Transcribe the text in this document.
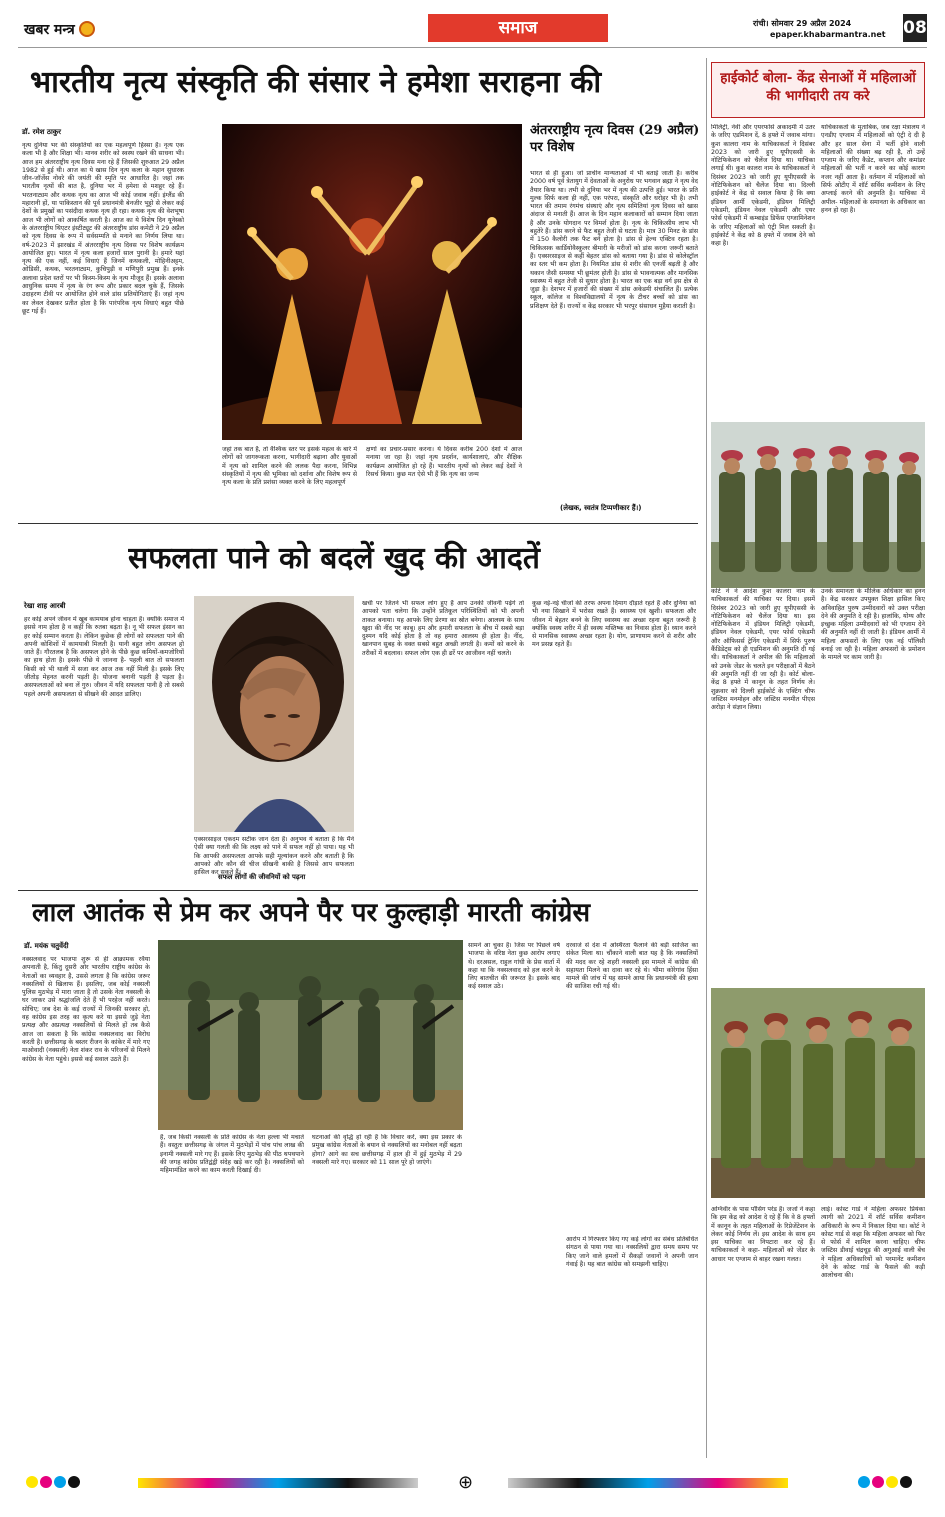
खबर मन्त्र	समाज	रांची। सोमवार 29 अप्रैल 2024
epaper.khabarmantra.net 08
भारतीय नृत्य संस्कृति की संसार ने हमेशा सराहना की
डॉ. रमेश ठाकुर	अंतरराष्ट्रीय नृत्य दिवस (29 अप्रैल) पर विशेष
नृत्य दुनिया भर की संस्कृतियों का एक महत्वपूर्ण हिस्सा है। नृत्य एक कला भी है और शिक्षा भी। मानव शरीर को स्वस्थ रखने की साधना भी। आज हम अंतरराष्ट्रीय नृत्य दिवस मना रहे हैं जिसकी शुरुआत 29 अप्रैल 1982 से हुई थी। आज का ये खास दिन नृत्य कला के महान सुधारक जीन-जॉर्जेस नोवरे की जयंती की स्मृति पर आधारित है। जहां तक भारतीय नृत्यों की बात है, दुनिया भर में हमेशा से मशहूर रहे हैं। भरतनाट्यम और कथक नृत्य का आज भी कोई जवाब नहीं। इंग्लैंड की महारानी हों, या पाकिस्तान की पूर्व प्रधानमंत्री बेनजीर भुट्टो से लेकर कई देशों के प्रमुखों का पसंदीदा कथक नृत्य ही रहा। कथक नृत्य की वेशभूषा आज भी लोगों को आकर्षित करती है। आज का ये विशेष दिन यूनेस्को के अंतरराष्ट्रीय थिएटर इंस्टीट्यूट की अंतरराष्ट्रीय डांस कमेटी ने 29 अप्रैल को नृत्य दिवस के रूप में सर्वसम्मति से मनाने का निर्णय लिया था। वर्ष-2023 में झारखंड में अंतरराष्ट्रीय नृत्य दिवस पर विशेष कार्यक्रम आयोजित हुए। भारत में नृत्य कला हजारों साल पुरानी है। हमारे यहां नृत्य की एक नहीं, कई विधाएं हैं जिनमें कथकली, मोहिनीअट्टम, ओडिसी, कथक, भरतनाट्यम, कुचिपुड़ी व मणिपुरी प्रमुख हैं। इनके अलावा प्रदेश स्तरों पर भी किस्म-किस्म के नृत्य मौजूद हैं। इसके अलावा आधुनिक समय में नृत्य के रंग रूप और प्रकार बदल चुके हैं, जिसके उदाहरण टीवी पर आयोजित होने वाले डांस प्रतियोगिताएं हैं। जहां नृत्य का लेवल देखकर प्रतीत होता है कि पारंपरिक नृत्य विधाएं बहुत पीछे छूट गई हैं।
जहां तक बात है, तो वैश्विक स्तर पर इसके महत्व के बारे में लोगों को जागरूकता करना, भागीदारी बढ़ाना और युवाओं में नृत्य को शामिल करने की ललक पैदा करना, विभिन्न संस्कृतियों में नृत्य की भूमिका को दर्शाना और विशेष रूप से नृत्य कला के प्रति प्रशंसा व्यक्त करने के लिए महत्वपूर्ण
क्षणों का प्रचार-प्रसार करना। ये दिवस करीब 200 देशों में आज मनाया जा रहा है। जहां नृत्य प्रदर्शन, कार्यशालाएं, और शैक्षिक कार्यक्रम आयोजित हो रहे हैं। भारतीय नृत्यों को लेकर कई देशों ने रिसर्च किया। कुछ मत ऐसे भी हैं कि नृत्य का जन्म
भारत से ही हुआ। जो प्राचीन मान्यताओं में भी बताई जाती है। करीब 2000 वर्ष पूर्व त्रेतायुग में देवताओं के अनुरोध पर भगवान ब्रह्मा ने नृत्य वेद तैयार किया था। तभी से दुनिया भर में नृत्य की उत्पत्ति हुई। भारत के प्रति मुल्क सिर्फ कला ही नहीं, एक परंपरा, संस्कृति और धरोहर भी है। तभी भारत की तमाम रंगमंच संस्थाएं और नृत्य समितियां नृत्य दिवस को खास अंदाज से मनाती हैं। आज के दिन महान कलाकारों को सम्मान दिया जाता है और उनके योगदान पर विमर्श होता है। नृत्य के चिकित्सीय लाभ भी बहुतेरे हैं। डांस करने से फैट बहुत तेजी से घटता है। मात्र 30 मिनट के डांस में 150 कैलोरी तक फैट बर्न होता है। डांस से हेल्थ एक्टिव रहता है। चिकित्सक कार्डियोवैस्कुलर बीमारी के मरीजों को डांस करना जरूरी बताते हैं। एक्सरसाइज से कहीं बेहतर डांस को बताया गया है। डांस से कोलेस्ट्रॉल का स्तर भी कम होता है। नियमित डांस से शरीर की एनर्जी बढ़ती है और थकान जैसी समस्या भी छूमंतर होती है। डांस से भावनात्मक और मानसिक स्वास्थ्य में बहुत तेजी से सुधार होता है। भारत का एक बड़ा वर्ग इस क्षेत्र से जुड़ा है। देशभर में हजारों की संख्या में डांस अकेडमी संचालित हैं। प्रत्येक स्कूल, कॉलेज व विश्वविद्यालयों में नृत्य के टीचर बच्चों को डांस का प्रशिक्षण देते हैं। राज्यों व केंद्र सरकार भी भरपूर संसाधन मुहैया कराती है।
(लेखक, स्वतंत्र टिप्पणीकार हैं।)
सफलता पाने को बदलें खुद की आदतें
रेखा शाह आरबी
हर कोई अपने जीवन में खूब कामयाब होना चाहता है। क्योंकि समाज में इससे नाम होता है व कहीं कि रुतबा बढ़ता है। नू भी सफल इंसान का हर कोई सम्मान करता है। लेकिन कुछेक ही लोगों को सफलता पाने की अपनी कोशिशों में कामयाबी मिलती है। यानी बहुत लोग असफल हो जाते हैं। गौरतलब है कि असफल होने के पीछे कुछ कमियों-कमजोरियों का हाथ होता है। इसके पीछे ये जानना है- पहली बात तो सफलता किसी को भी थाली में सजा कर आज तक नहीं मिली है। इसके लिए जीतोड़ मेहनत करनी पड़ती है। योजना बनानी पड़ती है पड़ता है। असफलताओं को बना लें गुरु। जीवन में यदि सफलता पानी है तो सबसे पहले अपनी असफलता से सीखने की आदत डालिए।
एक्सरसाइज एकदम सटीक जान देता है। अनुभव ये बताता है कि मैंने ऐसी क्या गलती की कि लक्ष्य को पाने में सफल नहीं हो पाया। यह भी कि आपकी असफलता आपके सही मूल्यांकन करने और बताती है कि आपको और कौन सी चीज सीखनी बाकी है जिससे आप सफलता हासिल कर सकते हैं।
सफल लोगों की जीवनियों को पढ़ना
खर्ची पर जितने भी सफल लोग हुए हैं आप उनकी जीवनी पढ़ेंगे तो आपको पता चलेगा कि उन्होंने प्रतिकूल परिस्थितियों को भी अपनी ताकत बनाया। यह आपके लिए प्रेरणा का स्रोत बनेगा। आलस्य के साथ खुदा की नींद पर काबू। हम और हमारी सफलता के बीच में सबसे बड़ा दुश्मन यदि कोई होता है तो वह हमारा आलस्य ही होता है। नींद, खानपान सुबह के वक्त सबसे बहुत अच्छी लगती है। कमों को करने के तरीकों में बदलाव। सफल लोग एक ही ढर्रे पर आजीवन नहीं चलते।
कुछ नई-नई चीजों की तरफ अपना दिमाग दौड़ाते रहते हैं और दुनिया को भी नया सिखाने में भरोसा रखते हैं। स्वास्थ्य एवं खुशी। सफलता और जीवन में बेहतर बनने के लिए स्वास्थ्य का अच्छा रहना बहुत जरूरी है क्योंकि स्वस्थ शरीर में ही स्वस्थ मस्तिष्क का निवास होता है। ध्यान करने से मानसिक स्वास्थ्य अच्छा रहता है। योग, प्राणायाम करने से शरीर और मन प्रसन्न रहते हैं।
लाल आतंक से प्रेम कर अपने पैर पर कुल्हाड़ी मारती कांग्रेस
डॉ. मयंक चतुर्वेदी
नक्सलवाद पर भाजपा शुरू से ही आक्रामक रवैया अपनाती है, किंतु दूसरी ओर भारतीय राष्ट्रीय कांग्रेस के नेताओं का व्यवहार है, उससे लगता है कि कांग्रेस जरूर नक्सलियों से खिलाफ हैं। इसलिए, जब कोई नक्सली पुलिस मुठभेड़ में मारा जाता है तो उसके नेता नक्सली के घर जाकर उसे श्रद्धांजलि देते हैं भी परहेज नहीं करते। सोचिए; जब देश के कई राज्यों में जिनकी सरकार हो, वह कांग्रेस इस तरह का कृत्य करे या इससे जुड़े नेता प्रत्यक्ष और अप्रत्यक्ष नक्सलियों से मिलते हों तब कैसे आज जा सकता है कि कांग्रेस नक्सलवाद का विरोध करती है। छत्तीसगढ़ के बस्तर रीजन के कांकेर में मारे गए माओवादी (नक्सली) नेता शंकर राव के परिजनों से मिलने कांग्रेस के नेता पहुंचे। इससे कई सवाल उठते हैं।
है, जब किसी नक्सली के प्रति कांग्रेस के नेता हल्ला भी मचाते हैं। वस्तुतः छत्तीसगढ़ के जंगल में मुठभेड़ों में पांच पांच लाख की इनामी नक्सली मारे गए हैं। इसके लिए मुठभेड़ की पीठ थपथपाने की जगह कांग्रेस प्रतिद्वंद्वी संदेह खड़े कर रही है। नक्सलियों को महिमामंडित करने का काम करती दिखाई दी।
घटनाओं की वृद्धि हो रही है कि विचार करें, क्या इस प्रकार के प्रमुख कांग्रेस नेताओं के बयान से नक्सलियों का मनोबल नहीं बढ़ता होगा? आगे का सच छत्तीसगढ़ में हाल ही में हुई मुठभेड़ में 29 नक्सली मारे गए। सरकार को 11 साल पूरे हो जाएंगे।
सामने आ चुका है। जिस पर पिछले वर्ष भाजपा के वरिष्ठ नेता कुछ आरोप लगाए थे। दरअसल, राहुल गांधी के प्रेस वार्ता में कहा था कि नक्सलवाद को हल करने के लिए बातचीत की जरूरत है। इसके बाद कई सवाल उठे।
दरवाजे से देश में अस्थिरता फैलाने की बड़ी साजिश का संकेत मिला था। चौंकाने वाली बात यह है कि नक्सलियों की मदद कर रहे शहरी नक्सली इस मामले में कांग्रेस की सहायता मिलने का दावा कर रहे थे। भीमा कोरेगांव हिंसा मामले की जांच में यह सामने आया कि प्रधानमंत्री की हत्या की साजिश रची गई थी।
आरोप में गिरफ्तार किए गए कई लोगों का संबंध प्रतिबंधित संगठन से पाया गया था। नक्सलियों द्वारा समय समय पर किए जाने वाले हमलों में सैकड़ों जवानों ने अपनी जान गंवाई है। यह बात कांग्रेस को समझनी चाहिए।
हाईकोर्ट बोला- केंद्र सेनाओं में महिलाओं की भागीदारी तय करे
मिलिट्री, नेवी और एयरफोर्स अकादमी में उतर के जरिए एडमिशन दें, 8 हफ्ते में जवाब मांगा। कुश कालरा नाम के याचिकाकर्ता ने दिसंबर 2023 को जारी हुए यूपीएससी के नोटिफिकेशन को चैलेंज दिया था। याचिका लगाई थी। कुश कालरा नाम के याचिकाकर्ता ने दिसंबर 2023 को जारी हुए यूपीएससी के नोटिफिकेशन को चैलेंज दिया था। दिल्ली हाईकोर्ट ने केंद्र से सवाल किया है कि क्या इंडियन आर्मी एकेडमी, इंडियन मिलिट्री एकेडमी, इंडियन नेवल एकेडमी और एयर फोर्स एकेडमी में कम्बाइंड डिफेंस एग्जामिनेशन के जरिए महिलाओं को एंट्री मिल सकती है। हाईकोर्ट ने केंद्र को 8 हफ्ते में जवाब देने को कहा है।
याचिकाकर्ता के मुताबिक, जब रक्षा मंत्रालय ने एनडीए एग्जाम में महिलाओं को एंट्री दे दी है और हर साल सेना में भर्ती होने वाली महिलाओं की संख्या बढ़ रही है, तो उन्हें एग्जाम के जरिए कैडेट, कप्तान और कमांडर महिलाओं की भर्ती न करने का कोई कारण नजर नहीं आता है। वर्तमान में महिलाओं को सिर्फ ओटीए में शॉर्ट सर्विस कमीशन के लिए अप्लाई करने की अनुमति है। याचिका में अपील- महिलाओं के समानता के अधिकार का हनन हो रहा है।
कोर्ट ने ने आदेश कुश कालरा नाम के याचिकाकर्ता की याचिका पर दिया। इसमें दिसंबर 2023 को जारी हुए यूपीएससी के नोटिफिकेशन को चैलेंज दिया था। इस नोटिफिकेशन में इंडियन मिलिट्री एकेडमी, इंडियन नेवल एकेडमी, एयर फोर्स एकेडमी और ऑफिसर्स ट्रेनिंग एकेडमी में सिर्फ पुरुष कैंडिडेट्स को ही एडमिशन की अनुमति दी गई थी। याचिकाकर्ता ने अपील की कि महिलाओं को उनके जेंडर के चलते इन परीक्षाओं में बैठने की अनुमति नहीं दी जा रही है। कोर्ट बोला- केंद्र 8 हफ्ते में कानून के तहत निर्णय ले। शुक्रवार को दिल्ली हाईकोर्ट के एक्टिंग चीफ जस्टिस मनमोहन और जस्टिस मनमीत पीएस अरोड़ा ने संज्ञान लिया।
उनके समानता के मौलिक अधिकार का हनन है। केंद्र सरकार उपयुक्त शिक्षा हासिल किए अविवाहित पुरुष उम्मीदवारों को उक्त परीक्षा देने की अनुमति दे रही है। हालांकि, योग्य और इच्छुक महिला उम्मीदवारों को भी एग्जाम देने की अनुमति नहीं दी जाती है। इंडियन आर्मी में महिला अफसरों के लिए एक नई पॉलिसी बनाई जा रही है। महिला अफसरों के प्रमोशन के मामले पर काम जारी है।
अग्निवीर के पास पॉसिंग परेड है। जजों ने कहा कि हम केंद्र को आदेश दे रहे हैं कि वे 8 हफ्तों में कानून के तहत महिलाओं के रिप्रेजेंटेशन के लेकर कोई निर्णय लें। इस आदेश के साथ हम इस याचिका का निपटारा कर रहे हैं। याचिकाकर्ता ने कहा- महिलाओं को जेंडर के आधार पर एग्जाम से बाहर रखना गलत।
लाई। कोस्ट गार्ड ने महिला अफसर प्रियंका त्यागी को 2021 में शॉर्ट सर्विस कमीशन अधिकारी के रूप में निकाल दिया था। कोर्ट ने कोस्ट गार्ड से कहा कि महिला अफसर को फिर से फोर्स में शामिल करना चाहिए। चीफ जस्टिस डीवाई चंद्रचूड़ की अगुआई वाली बेंच ने महिला अधिकारियों को परमानेंट कमीशन देने के कोस्ट गार्ड के फैसले की कड़ी आलोचना की।
⊕
